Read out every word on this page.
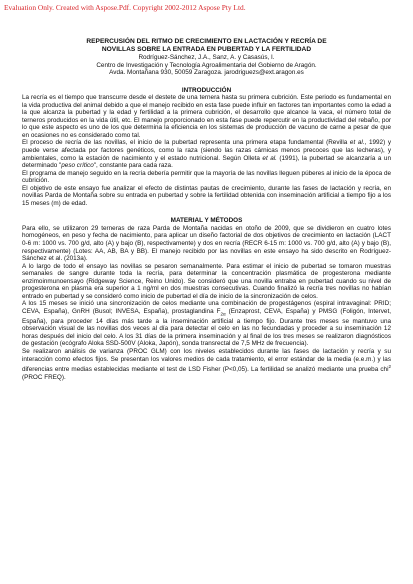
Evaluation Only. Created with Aspose.Pdf. Copyright 2002-2012 Aspose Pty Ltd.
REPERCUSIÓN DEL RITMO DE CRECIMIENTO EN LACTACIÓN Y RECRÍA DE
NOVILLAS SOBRE LA ENTRADA EN PUBERTAD Y LA FERTILIDAD
Rodríguez-Sánchez, J.A., Sanz, A. y Casasús, I.
Centro de Investigación y Tecnología Agroalimentaria del Gobierno de Aragón.
Avda. Montañana 930, 50059 Zaragoza. jarodriguezs@ext.aragon.es
INTRODUCCIÓN

La recría es el tiempo que transcurre desde el destete de una ternera hasta su primera cubrición. Este periodo es fundamental en la vida productiva del animal debido a que el manejo recibido en esta fase puede influir en factores tan importantes como la edad a la que alcanza la pubertad y la edad y fertilidad a la primera cubrición, el desarrollo que alcance la vaca, el número total de terneros producidos en la vida útil, etc. El manejo proporcionado en esta fase puede repercutir en la productividad del rebaño, por lo que este aspecto es uno de los que determina la eficiencia en los sistemas de producción de vacuno de carne a pesar de que en ocasiones no es considerado como tal.

El proceso de recría de las novillas, el inicio de la pubertad representa una primera etapa fundamental (Revilla et al., 1992) y puede verse afectada por factores genéticos, como la raza (siendo las razas cárnicas menos precoces que las lecheras), y ambientales, como la estación de nacimiento y el estado nutricional. Según Olleta et al. (1991), la pubertad se alcanzaría a un determinado "peso crítico", constante para cada raza.

El programa de manejo seguido en la recría debería permitir que la mayoría de las novillas lleguen púberes al inicio de la época de cubrición.

El objetivo de este ensayo fue analizar el efecto de distintas pautas de crecimiento, durante las fases de lactación y recría, en novillas Parda de Montaña sobre su entrada en pubertad y sobre la fertilidad obtenida con inseminación artificial a tiempo fijo a los 15 meses (m) de edad.

MATERIAL Y MÉTODOS

Para ello, se utilizaron 29 terneras de raza Parda de Montaña nacidas en otoño de 2009, que se dividieron en cuatro lotes homogéneos, en peso y fecha de nacimiento, para aplicar un diseño factorial de dos objetivos de crecimiento en lactación (LACT 0-6 m: 1000 vs. 700 g/d, alto (A) y bajo (B), respectivamente) y dos en recría (RECR 6-15 m: 1000 vs. 700 g/d, alto (A) y bajo (B), respectivamente) (Lotes: AA, AB, BA y BB). El manejo recibido por las novillas en este ensayo ha sido descrito en Rodríguez-Sánchez et al. (2013a).

A lo largo de todo el ensayo las novillas se pesaron semanalmente. Para estimar el inicio de pubertad se tomaron muestras semanales de sangre durante toda la recría, para determinar la concentración plasmática de progesterona mediante enzimoinmunoensayo (Ridgeway Science, Reino Unido). Se consideró que una novilla entraba en pubertad cuando su nivel de progesterona en plasma era superior a 1 ng/ml en dos muestras consecutivas. Cuando finalizó la recría tres novillas no habían entrado en pubertad y se consideró como inicio de pubertad el día de inicio de la sincronización de celos.

A los 15 meses se inició una sincronización de celos mediante una combinación de progestágenos (espiral intravaginal: PRID; CEVA, España), GnRH (Busol; INVESA, España), prostaglandina $F_{2\alpha}$ (Enzaprost, CEVA, España) y PMSG (Foligón, Intervet, España), para proceder 14 días más tarde a la inseminación artificial a tiempo fijo. Durante tres meses se mantuvo una observación visual de las novillas dos veces al día para detectar el celo en las no fecundadas y proceder a su inseminación 12 horas después del inicio del celo. A los 31 días de la primera inseminación y al final de los tres meses se realizaron diagnósticos de gestación (ecógrafo Aloka SSD-500V (Aloka, Japón), sonda transrectal de 7,5 MHz de frecuencia).

Se realizaron análisis de varianza (PROC GLM) con los niveles establecidos durante las fases de lactación y recría y su interacción como efectos fijos. Se presentan los valores medios de cada tratamiento, el error estándar de la media (e.e.m.) y las diferencias entre medias establecidas mediante el test de LSD Fisher (P<0,05). La fertilidad se analizó mediante una prueba chi$^2$ (PROC FREQ).
